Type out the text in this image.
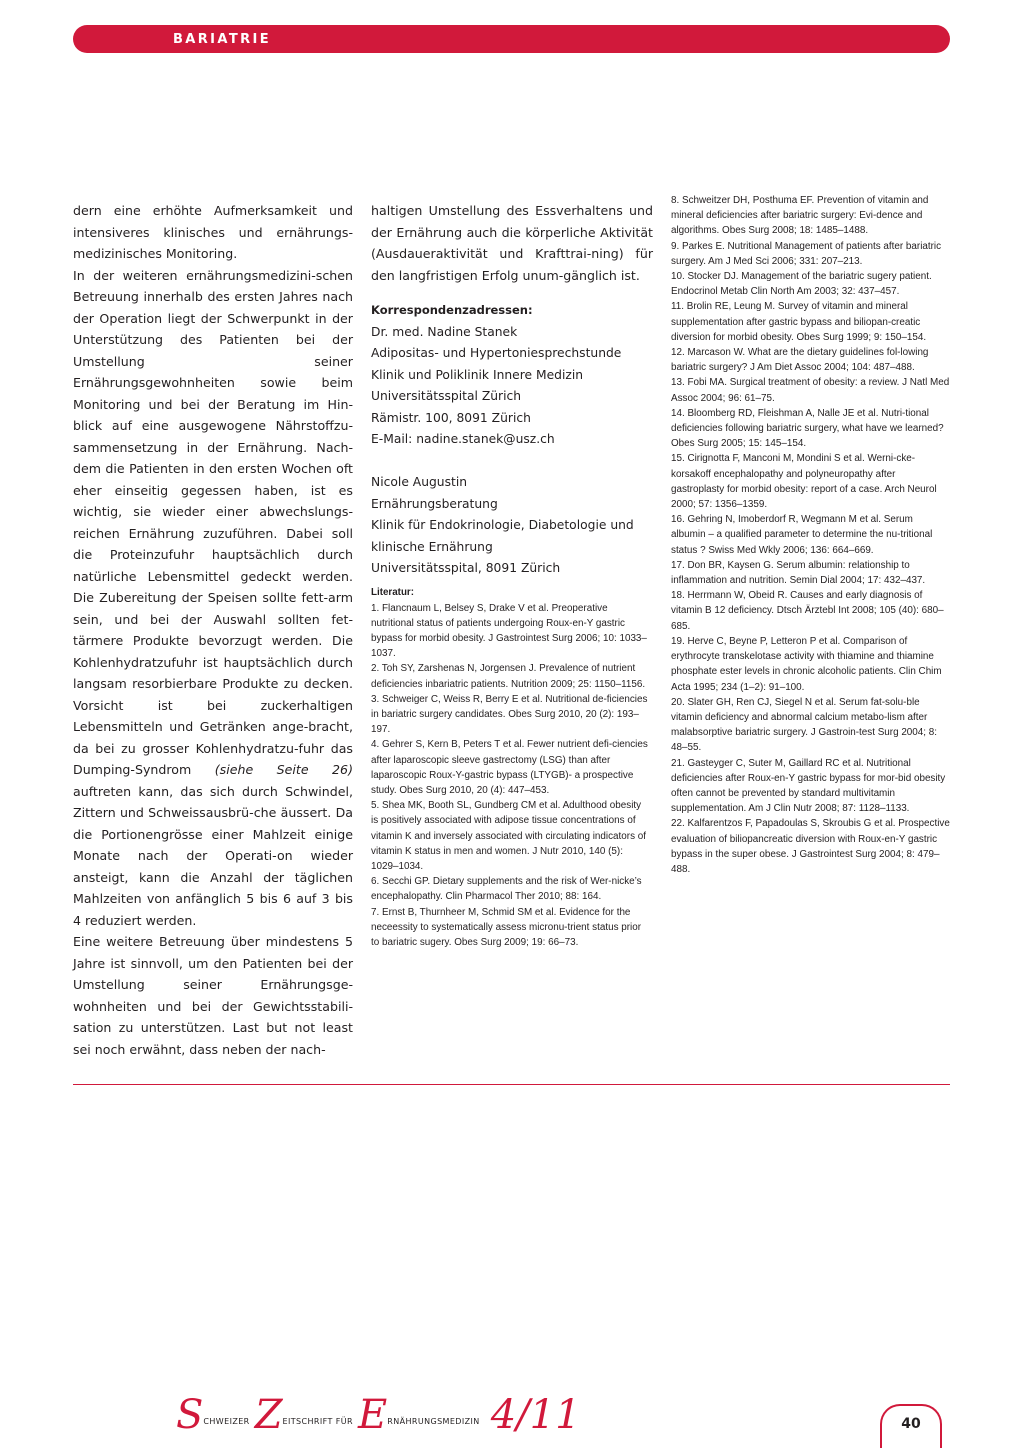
BARIATRIE

dern eine erhöhte Aufmerksamkeit und intensiveres klinisches und ernährungs-medizinisches Monitoring.

In der weiteren ernährungsmedizini-schen Betreuung innerhalb des ersten Jahres nach der Operation liegt der Schwerpunkt in der Unterstützung des Patienten bei der Umstellung seiner Ernährungsgewohnheiten sowie beim Monitoring und bei der Beratung im Hin-blick auf eine ausgewogene Nährstoffzu-sammensetzung in der Ernährung. Nach-dem die Patienten in den ersten Wochen oft eher einseitig gegessen haben, ist es wichtig, sie wieder einer abwechslungs-reichen Ernährung zuzuführen. Dabei soll die Proteinzufuhr hauptsächlich durch natürliche Lebensmittel gedeckt werden. Die Zubereitung der Speisen sollte fett-arm sein, und bei der Auswahl sollten fet-tärmere Produkte bevorzugt werden. Die Kohlenhydratzufuhr ist hauptsächlich durch langsam resorbierbare Produkte zu decken. Vorsicht ist bei zuckerhaltigen Lebensmitteln und Getränken ange-bracht, da bei zu grosser Kohlenhydratzu-fuhr das Dumping-Syndrom (siehe Seite 26) auftreten kann, das sich durch Schwindel, Zittern und Schweissausbrü-che äussert. Da die Portionengrösse einer Mahlzeit einige Monate nach der Operati-on wieder ansteigt, kann die Anzahl der täglichen Mahlzeiten von anfänglich 5 bis 6 auf 3 bis 4 reduziert werden.

Eine weitere Betreuung über mindestens 5 Jahre ist sinnvoll, um den Patienten bei der Umstellung seiner Ernährungsge-wohnheiten und bei der Gewichtsstabili-sation zu unterstützen. Last but not least sei noch erwähnt, dass neben der nach-

haltigen Umstellung des Essverhaltens und der Ernährung auch die körperliche Aktivität (Ausdaueraktivität und Krafttrai-ning) für den langfristigen Erfolg unum-gänglich ist.

Korrespondenzadressen:
Dr. med. Nadine Stanek
Adipositas- und Hypertoniesprechstunde
Klinik und Poliklinik Innere Medizin
Universitätsspital Zürich
Rämistr. 100, 8091 Zürich
E-Mail: nadine.stanek@usz.ch
Nicole Augustin
Ernährungsberatung
Klinik für Endokrinologie, Diabetologie und
klinische Ernährung
Universitätsspital, 8091 Zürich
Literatur:

1. Flancnaum L, Belsey S, Drake V et al. Preoperative nutritional status of patients undergoing Roux-en-Y gastric bypass for morbid obesity. J Gastrointest Surg 2006; 10: 1033–1037.

2. Toh SY, Zarshenas N, Jorgensen J. Prevalence of nutrient deficiencies inbariatric patients. Nutrition 2009; 25: 1150–1156.

3. Schweiger C, Weiss R, Berry E et al. Nutritional de-ficiencies in bariatric surgery candidates. Obes Surg 2010, 20 (2): 193–197.

4. Gehrer S, Kern B, Peters T et al. Fewer nutrient defi-ciencies after laparoscopic sleeve gastrectomy (LSG) than after laparoscopic Roux-Y-gastric bypass (LTYGB)- a prospective study. Obes Surg 2010, 20 (4): 447–453.

5. Shea MK, Booth SL, Gundberg CM et al. Adulthood obesity is positively associated with adipose tissue concentrations of vitamin K and inversely associated with circulating indicators of vitamin K status in men and women. J Nutr 2010, 140 (5): 1029–1034.

6. Secchi GP. Dietary supplements and the risk of Wer-nicke’s encephalopathy. Clin Pharmacol Ther 2010; 88: 164.

7. Ernst B, Thurnheer M, Schmid SM et al. Evidence for the neceessity to systematically assess micronu-trient status prior to bariatric sugery. Obes Surg 2009; 19: 66–73.

8. Schweitzer DH, Posthuma EF. Prevention of vitamin and mineral deficiencies after bariatric surgery: Evi-dence and algorithms. Obes Surg 2008; 18: 1485–1488.

9. Parkes E. Nutritional Management of patients after bariatric surgery. Am J Med Sci 2006; 331: 207–213.

10. Stocker DJ. Management of the bariatric sugery patient. Endocrinol Metab Clin North Am 2003; 32: 437–457.

11. Brolin RE, Leung M. Survey of vitamin and mineral supplementation after gastric bypass and biliopan-creatic diversion for morbid obesity. Obes Surg 1999; 9: 150–154.

12. Marcason W. What are the dietary guidelines fol-lowing bariatric surgery? J Am Diet Assoc 2004; 104: 487–488.

13. Fobi MA. Surgical treatment of obesity: a review. J Natl Med Assoc 2004; 96: 61–75.

14. Bloomberg RD, Fleishman A, Nalle JE et al. Nutri-tional deficiencies following bariatric surgery, what have we learned? Obes Surg 2005; 15: 145–154.

15. Cirignotta F, Manconi M, Mondini S et al. Werni-cke-korsakoff encephalopathy and polyneuropathy after gastroplasty for morbid obesity: report of a case. Arch Neurol 2000; 57: 1356–1359.

16. Gehring N, Imoberdorf R, Wegmann M et al. Serum albumin – a qualified parameter to determine the nu-tritional status ? Swiss Med Wkly 2006; 136: 664–669.

17. Don BR, Kaysen G. Serum albumin: relationship to inflammation and nutrition. Semin Dial 2004; 17: 432–437.

18. Herrmann W, Obeid R. Causes and early diagnosis of vitamin B 12 deficiency. Dtsch Ärztebl Int 2008; 105 (40): 680–685.

19. Herve C, Beyne P, Letteron P et al. Comparison of erythrocyte transkelotase activity with thiamine and thiamine phosphate ester levels in chronic alcoholic patients. Clin Chim Acta 1995; 234 (1–2): 91–100.

20. Slater GH, Ren CJ, Siegel N et al. Serum fat-solu-ble vitamin deficiency and abnormal calcium metabo-lism after malabsorptive bariatric surgery. J Gastroin-test Surg 2004; 8: 48–55.

21. Gasteyger C, Suter M, Gaillard RC et al. Nutritional deficiencies after Roux-en-Y gastric bypass for mor-bid obesity often cannot be prevented by standard multivitamin supplementation. Am J Clin Nutr 2008; 87: 1128–1133.

22. Kalfarentzos F, Papadoulas S, Skroubis G et al. Prospective evaluation of biliopancreatic diversion with Roux-en-Y gastric bypass in the super obese. J Gastrointest Surg 2004; 8: 479–488.

$S^{CHWEIZER}$ $Z^{EITSCHRIFT FÜR}$ $E^{RNÄHRUNGSMEDIZIN}$ 4/11	40
